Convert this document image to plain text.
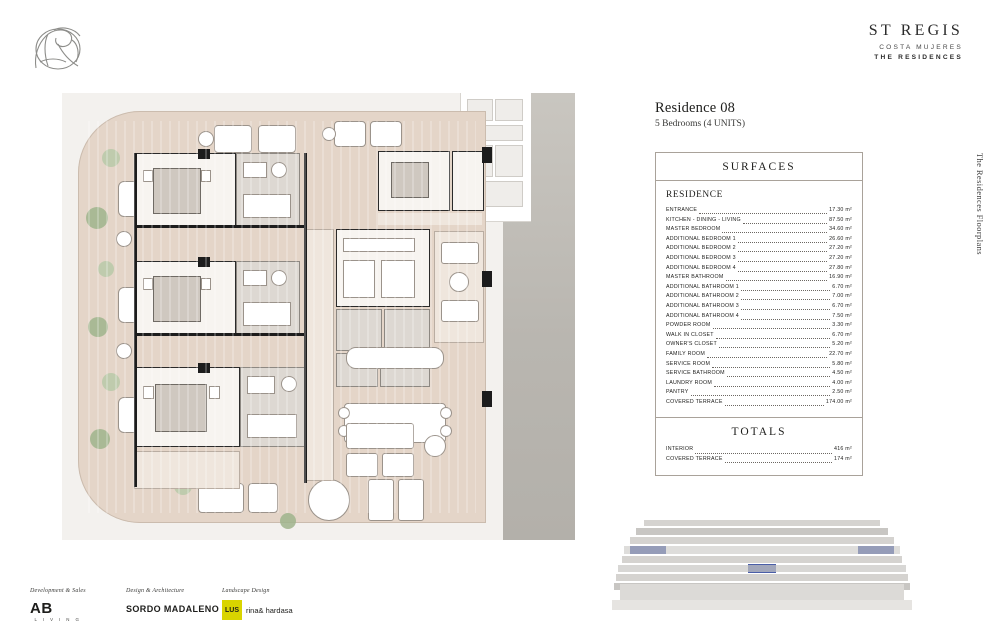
ST REGIS
COSTA MUJERES
THE RESIDENCES
The Residences Floorplans
Residence 08
5 Bedrooms (4 UNITS)
SURFACES
RESIDENCE
ENTRANCE	17.30 m²
KITCHEN - DINING - LIVING	87.50 m²
MASTER BEDROOM	34.60 m²
ADDITIONAL BEDROOM 1	26.60 m²
ADDITIONAL BEDROOM 2	27.20 m²
ADDITIONAL BEDROOM 3	27.20 m²
ADDITIONAL BEDROOM 4	27.80 m²
MASTER BATHROOM	16.90 m²
ADDITIONAL BATHROOM 1	6.70 m²
ADDITIONAL BATHROOM 2	7.00 m²
ADDITIONAL BATHROOM 3	6.70 m²
ADDITIONAL BATHROOM 4	7.50 m²
POWDER ROOM	3.30 m²
WALK IN CLOSET	6.70 m²
OWNER'S CLOSET	5.20 m²
FAMILY ROOM	22.70 m²
SERVICE ROOM	5.80 m²
SERVICE BATHROOM	4.50 m²
LAUNDRY ROOM	4.00 m²
PANTRY	2.50 m²
COVERED TERRACE	174.00 m²
TOTALS
INTERIOR	416 m²
COVERED TERRACE	174 m²
Development & Sales
AB
L I V I N G
Design & Architecture
SORDO MADALENO
Landscape Design
LUS rina& hardasa
